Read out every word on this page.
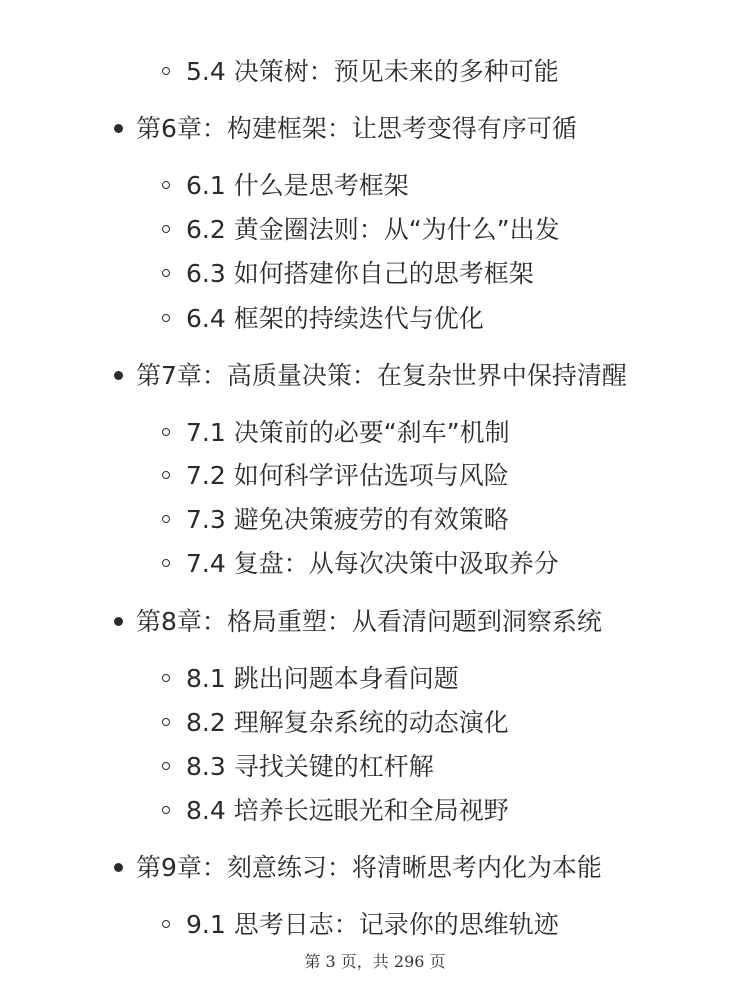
5.4 决策树：预见未来的多种可能
第6章：构建框架：让思考变得有序可循
6.1 什么是思考框架
6.2 黄金圈法则：从“为什么”出发
6.3 如何搭建你自己的思考框架
6.4 框架的持续迭代与优化
第7章：高质量决策：在复杂世界中保持清醒
7.1 决策前的必要“刹车”机制
7.2 如何科学评估选项与风险
7.3 避免决策疲劳的有效策略
7.4 复盘：从每次决策中汲取养分
第8章：格局重塑：从看清问题到洞察系统
8.1 跳出问题本身看问题
8.2 理解复杂系统的动态演化
8.3 寻找关键的杠杆解
8.4 培养长远眼光和全局视野
第9章：刻意练习：将清晰思考内化为本能
9.1 思考日志：记录你的思维轨迹
第 3 页，共 296 页
